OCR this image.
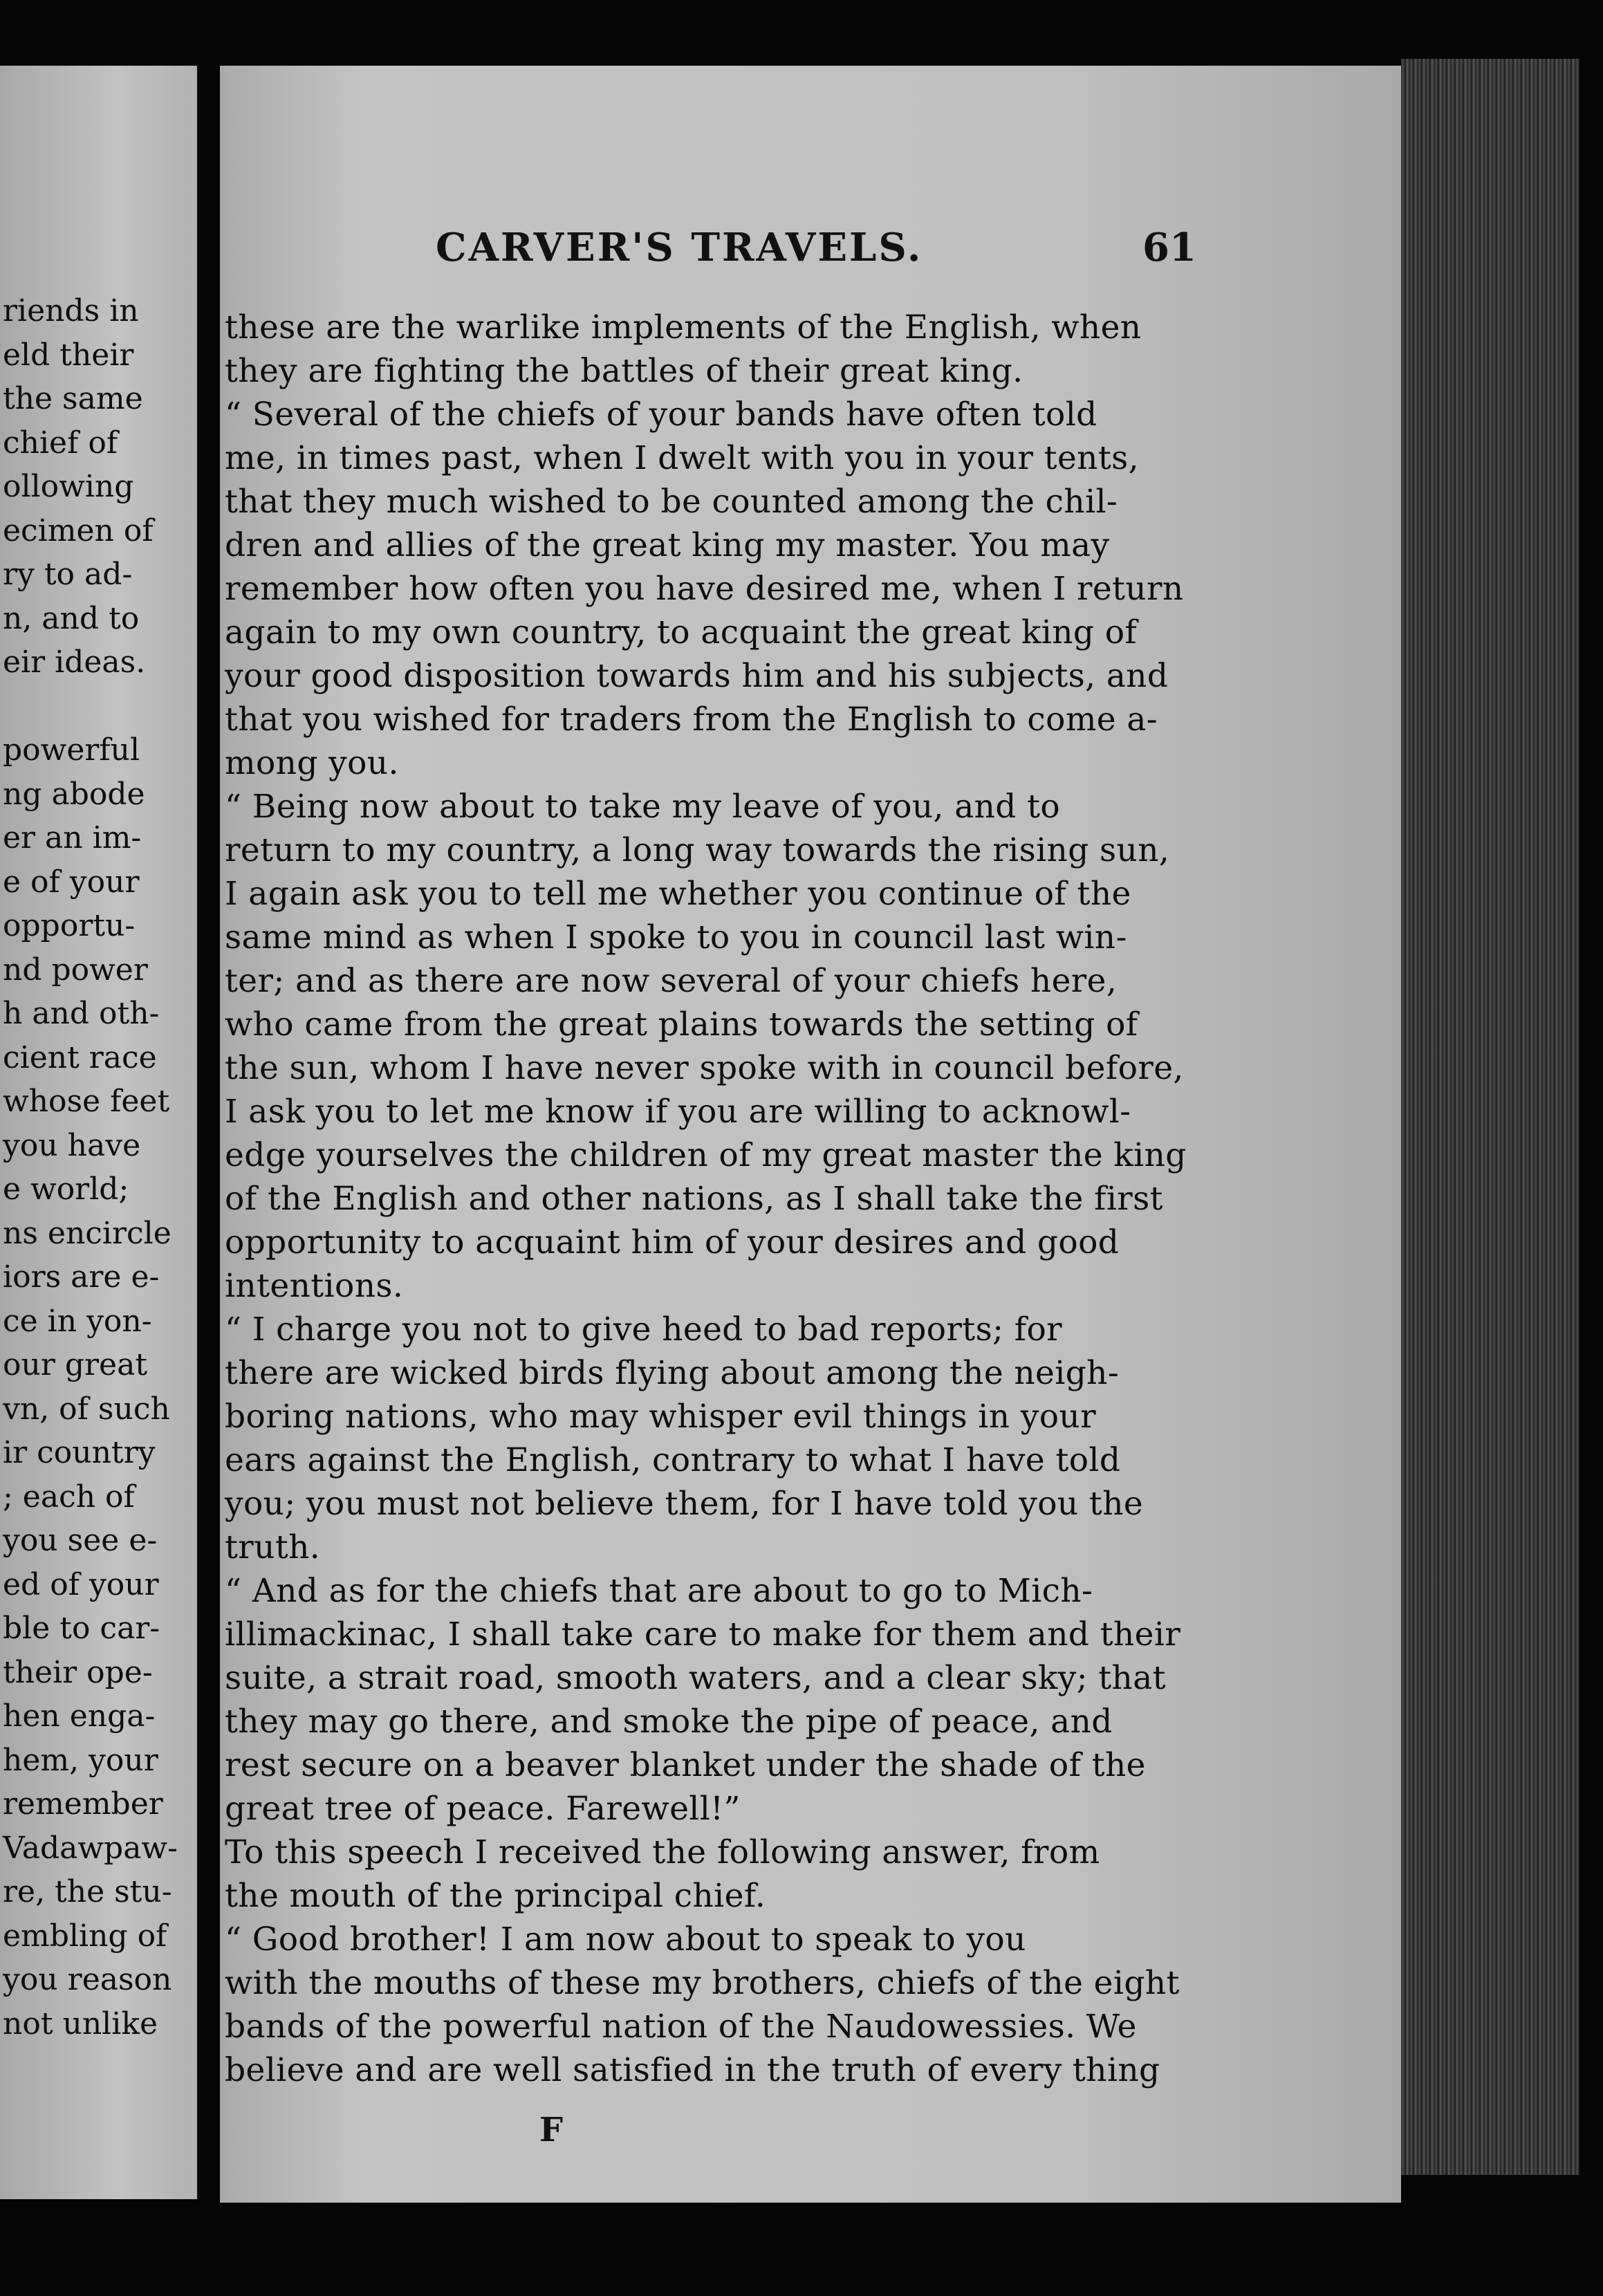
CARVER'S TRAVELS.	61
riends in
eld their
the same
chief of
ollowing
ecimen of
ry to ad-
n, and to
eir ideas.
powerful
ng abode
er an im-
e of your
opportu-
nd power
h and oth-
cient race
whose feet
you have
e world;
ns encircle
iors are e-
ce in yon-
our great
vn, of such
ir country
; each of
you see e-
ed of your
ble to car-
their ope-
hen enga-
hem, your
remember
Vadawpaw-
re, the stu-
embling of
you reason
not unlike
these are the warlike implements of the English, when
they are fighting the battles of their great king.
“ Several of the chiefs of your bands have often told
me, in times past, when I dwelt with you in your tents,
that they much wished to be counted among the chil-
dren and allies of the great king my master. You may
remember how often you have desired me, when I return
again to my own country, to acquaint the great king of
your good disposition towards him and his subjects, and
that you wished for traders from the English to come a-
mong you.
“ Being now about to take my leave of you, and to
return to my country, a long way towards the rising sun,
I again ask you to tell me whether you continue of the
same mind as when I spoke to you in council last win-
ter; and as there are now several of your chiefs here,
who came from the great plains towards the setting of
the sun, whom I have never spoke with in council before,
I ask you to let me know if you are willing to acknowl-
edge yourselves the children of my great master the king
of the English and other nations, as I shall take the first
opportunity to acquaint him of your desires and good
intentions.
“ I charge you not to give heed to bad reports; for
there are wicked birds flying about among the neigh-
boring nations, who may whisper evil things in your
ears against the English, contrary to what I have told
you; you must not believe them, for I have told you the
truth.
“ And as for the chiefs that are about to go to Mich-
illimackinac, I shall take care to make for them and their
suite, a strait road, smooth waters, and a clear sky; that
they may go there, and smoke the pipe of peace, and
rest secure on a beaver blanket under the shade of the
great tree of peace. Farewell!”
To this speech I received the following answer, from
the mouth of the principal chief.
“ Good brother! I am now about to speak to you
with the mouths of these my brothers, chiefs of the eight
bands of the powerful nation of the Naudowessies. We
believe and are well satisfied in the truth of every thing
F
